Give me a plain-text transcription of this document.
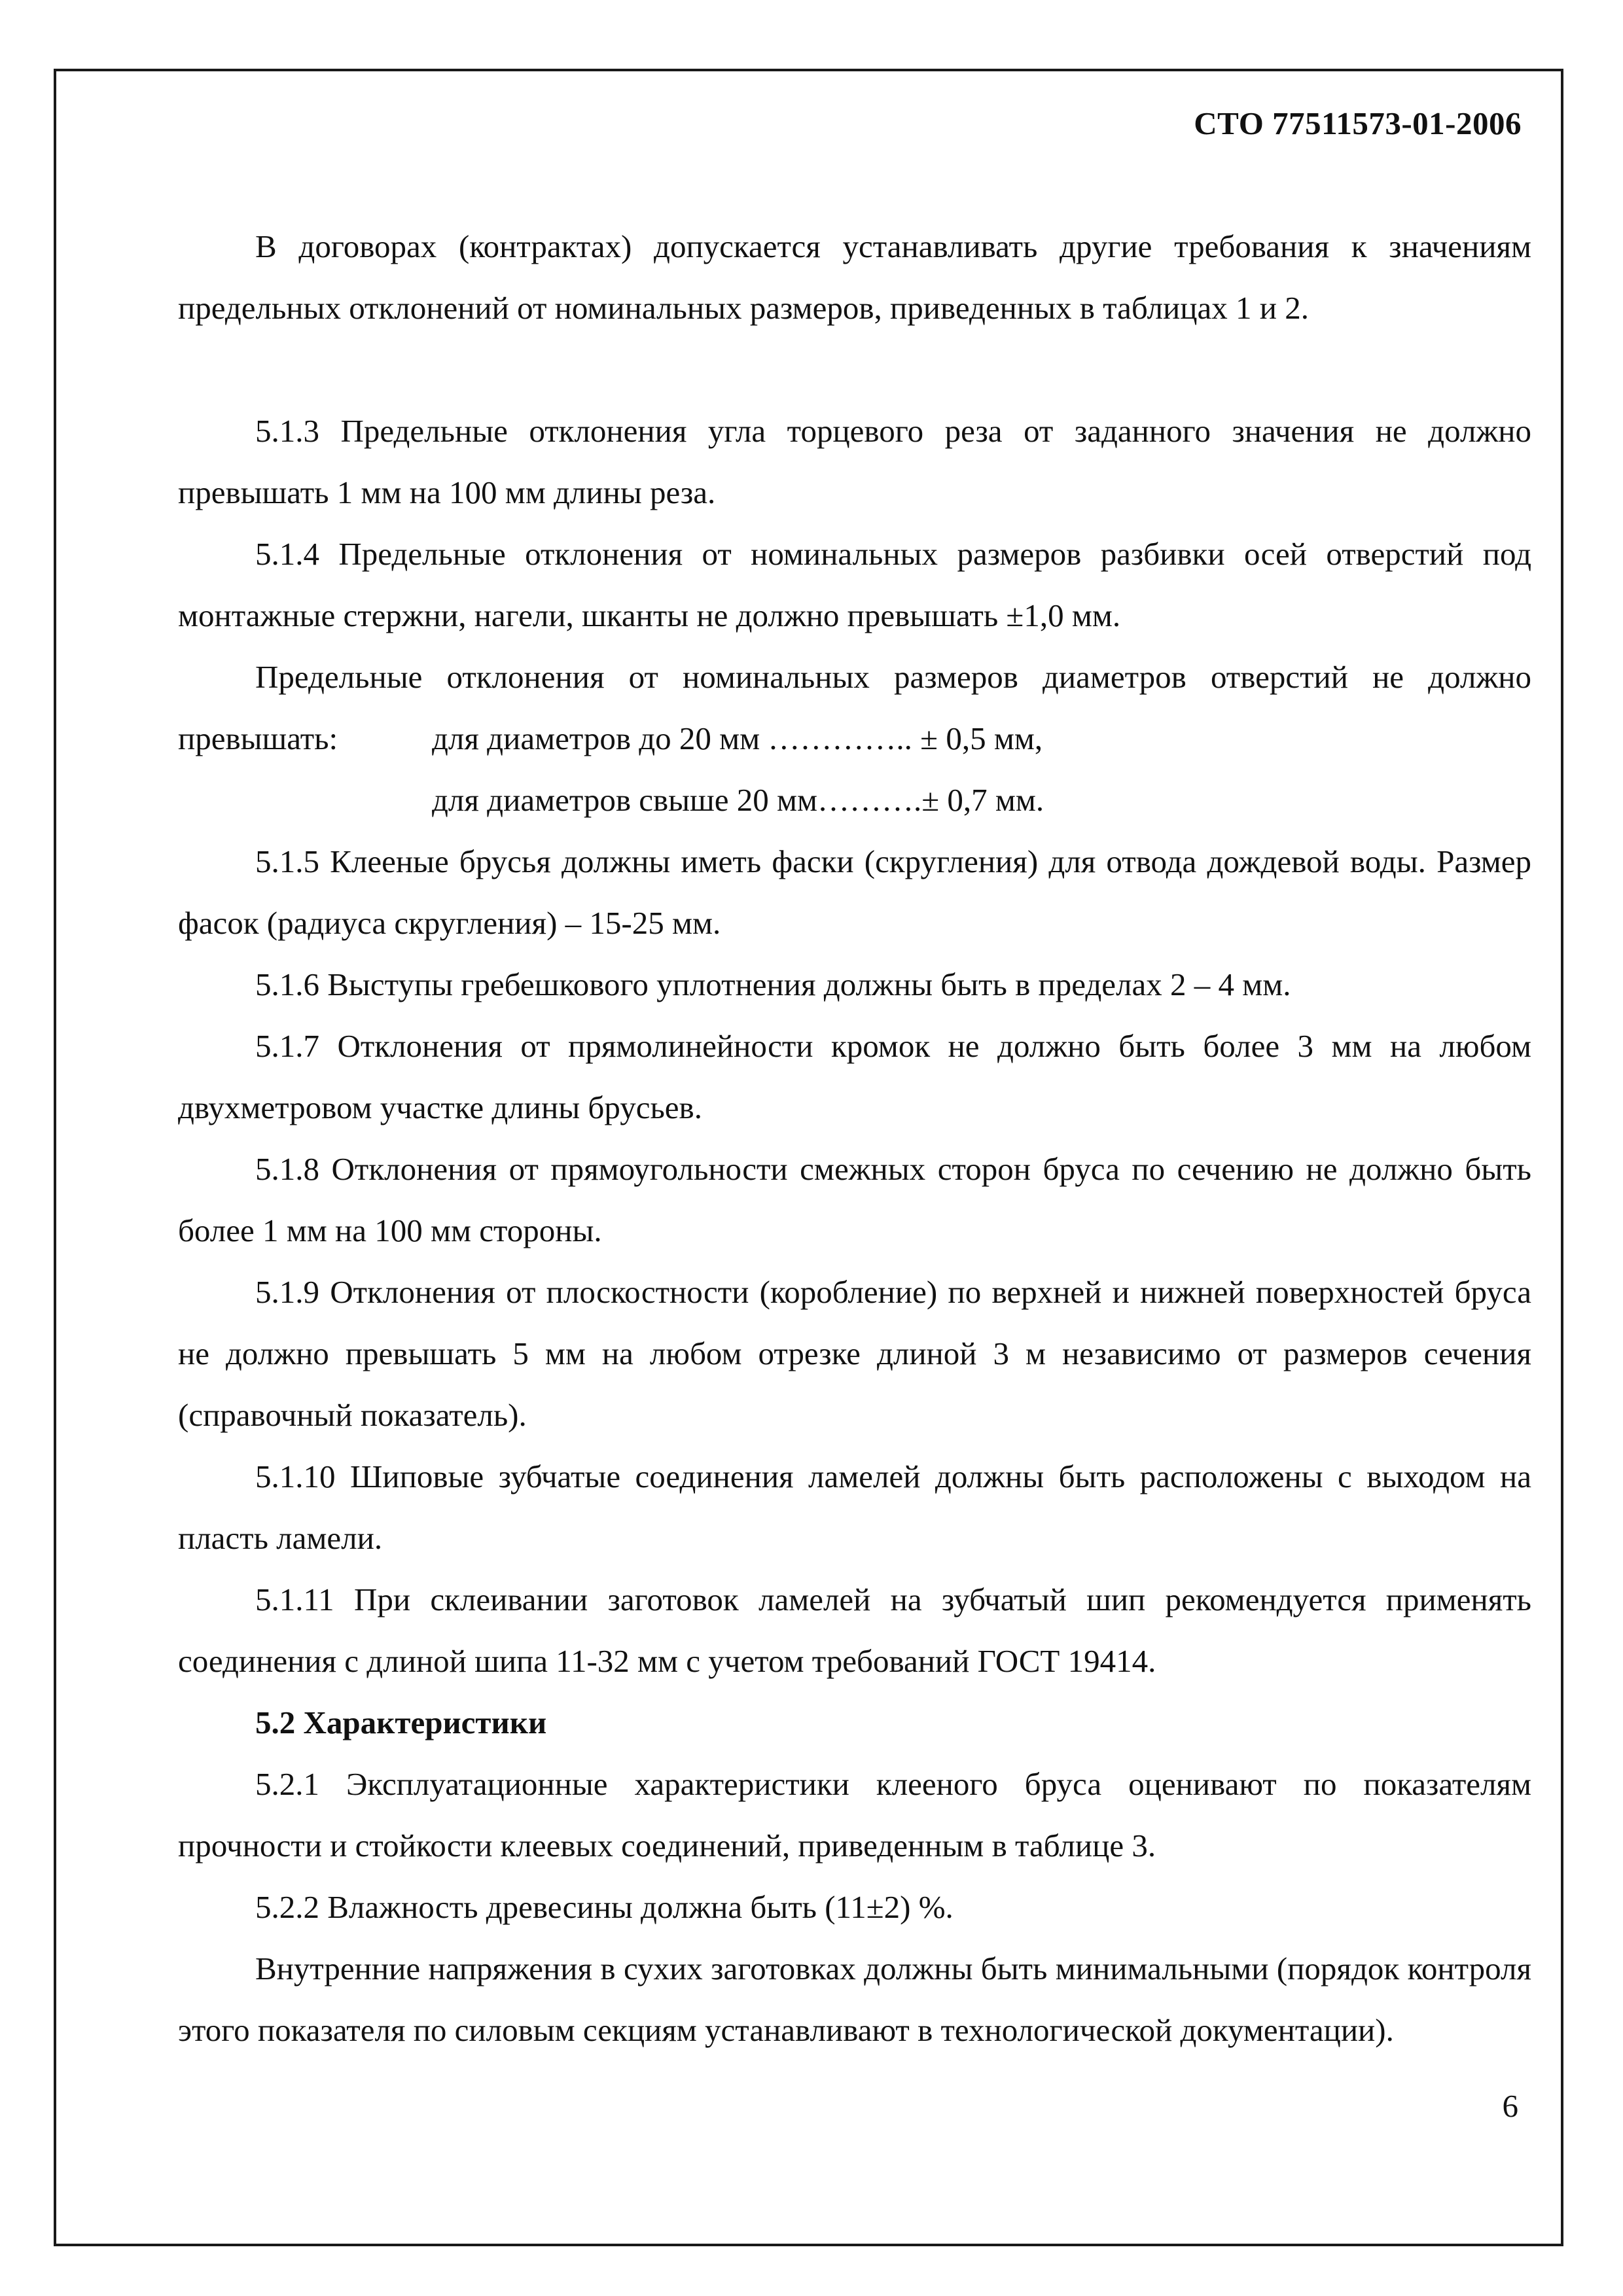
СТО 77511573-01-2006

В договорах (контрактах) допускается устанавливать другие требования к значениям предельных отклонений от номинальных размеров, приведенных в таблицах 1 и 2.

5.1.3 Предельные отклонения угла торцевого реза от заданного значения не должно превышать 1 мм на 100 мм длины реза.

5.1.4 Предельные отклонения от номинальных размеров разбивки осей отверстий под монтажные стержни, нагели, шканты не должно превышать ±1,0 мм.

Предельные отклонения от номинальных размеров диаметров отверстий не должно превышать:	для диаметров до 20 мм ………….. ± 0,5 мм,
для диаметров свыше 20 мм……….± 0,7 мм.

5.1.5 Клееные брусья должны иметь фаски (скругления) для отвода дождевой воды. Размер фасок (радиуса скругления) – 15-25 мм.

5.1.6 Выступы гребешкового уплотнения должны быть в пределах 2 – 4 мм.

5.1.7 Отклонения от прямолинейности кромок не должно быть более 3 мм на любом двухметровом участке длины брусьев.

5.1.8 Отклонения от прямоугольности смежных сторон бруса по сечению не должно быть более 1 мм на 100 мм стороны.

5.1.9 Отклонения от плоскостности (коробление) по верхней и нижней поверхностей бруса не должно превышать 5 мм на любом отрезке длиной 3 м независимо от размеров сечения (справочный показатель).

5.1.10 Шиповые зубчатые соединения ламелей должны быть расположены с выходом на пласть ламели.

5.1.11 При склеивании заготовок ламелей на зубчатый шип рекомендуется применять соединения с длиной шипа 11-32 мм с учетом требований ГОСТ 19414.

5.2 Характеристики

5.2.1 Эксплуатационные характеристики клееного бруса оценивают по показателям прочности и стойкости клеевых соединений, приведенным в таблице 3.

5.2.2 Влажность древесины должна быть (11±2) %.

Внутренние напряжения в сухих заготовках должны быть минимальными (порядок контроля этого показателя по силовым секциям устанавливают в технологической документации).

6
